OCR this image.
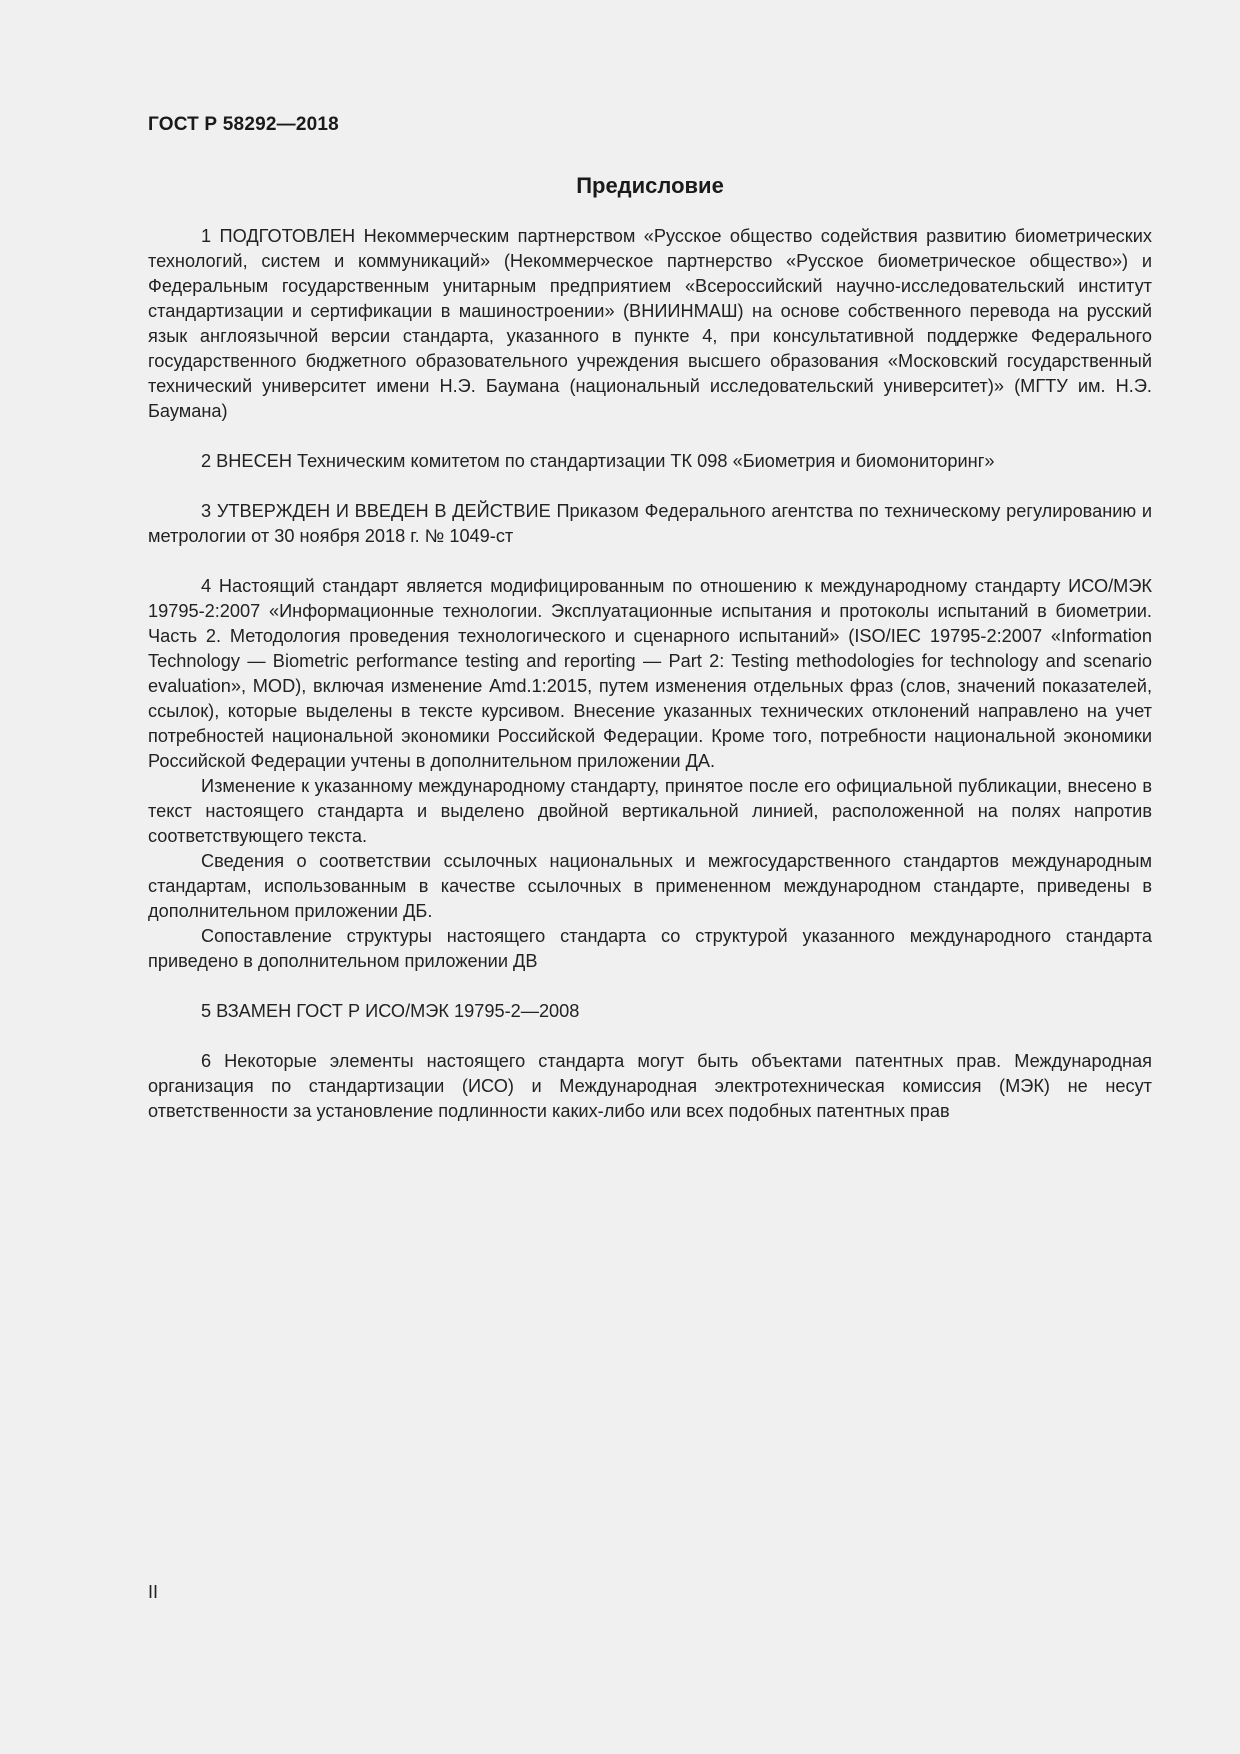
ГОСТ Р 58292—2018
Предисловие

1 ПОДГОТОВЛЕН Некоммерческим партнерством «Русское общество содействия развитию биометрических технологий, систем и коммуникаций» (Некоммерческое партнерство «Русское биометрическое общество») и Федеральным государственным унитарным предприятием «Всероссийский научно-исследовательский институт стандартизации и сертификации в машиностроении» (ВНИИНМАШ) на основе собственного перевода на русский язык англоязычной версии стандарта, указанного в пункте 4, при консультативной поддержке Федерального государственного бюджетного образовательного учреждения высшего образования «Московский государственный технический университет имени Н.Э. Баумана (национальный исследовательский университет)» (МГТУ им. Н.Э. Баумана)

2 ВНЕСЕН Техническим комитетом по стандартизации ТК 098 «Биометрия и биомониторинг»

3 УТВЕРЖДЕН И ВВЕДЕН В ДЕЙСТВИЕ Приказом Федерального агентства по техническому регулированию и метрологии от 30 ноября 2018 г. № 1049-ст

4 Настоящий стандарт является модифицированным по отношению к международному стандарту ИСО/МЭК 19795-2:2007 «Информационные технологии. Эксплуатационные испытания и протоколы испытаний в биометрии. Часть 2. Методология проведения технологического и сценарного испытаний» (ISO/IEC 19795-2:2007 «Information Technology — Biometric performance testing and reporting — Part 2: Testing methodologies for technology and scenario evaluation», MOD), включая изменение Amd.1:2015, путем изменения отдельных фраз (слов, значений показателей, ссылок), которые выделены в тексте курсивом. Внесение указанных технических отклонений направлено на учет потребностей национальной экономики Российской Федерации. Кроме того, потребности национальной экономики Российской Федерации учтены в дополнительном приложении ДА.

Изменение к указанному международному стандарту, принятое после его официальной публикации, внесено в текст настоящего стандарта и выделено двойной вертикальной линией, расположенной на полях напротив соответствующего текста.

Сведения о соответствии ссылочных национальных и межгосударственного стандартов международным стандартам, использованным в качестве ссылочных в примененном международном стандарте, приведены в дополнительном приложении ДБ.

Сопоставление структуры настоящего стандарта со структурой указанного международного стандарта приведено в дополнительном приложении ДВ

5 ВЗАМЕН ГОСТ Р ИСО/МЭК 19795-2—2008

6 Некоторые элементы настоящего стандарта могут быть объектами патентных прав. Международная организация по стандартизации (ИСО) и Международная электротехническая комиссия (МЭК) не несут ответственности за установление подлинности каких-либо или всех подобных патентных прав

II
